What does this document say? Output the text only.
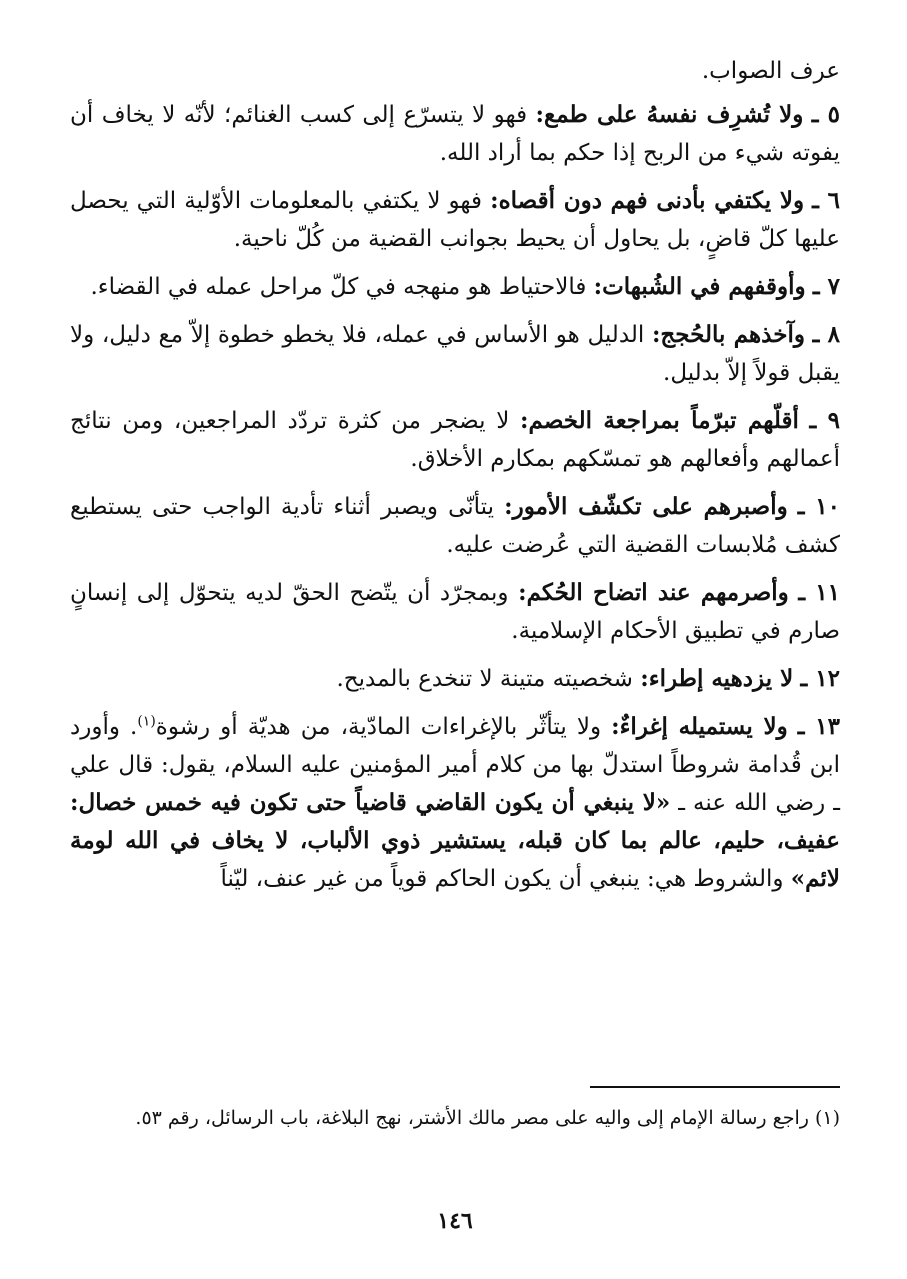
عرف الصواب.

٥ ـ ولا تُشرِف نفسهُ على طمع: فهو لا يتسرّع إلى كسب الغنائم؛ لأنّه لا يخاف أن يفوته شيء من الربح إذا حكم بما أراد الله.

٦ ـ ولا يكتفي بأدنى فهم دون أقصاه: فهو لا يكتفي بالمعلومات الأوّلية التي يحصل عليها كلّ قاضٍ، بل يحاول أن يحيط بجوانب القضية من كُلّ ناحية.

٧ ـ وأوقفهم في الشُبهات: فالاحتياط هو منهجه في كلّ مراحل عمله في القضاء.

٨ ـ وآخذهم بالحُجج: الدليل هو الأساس في عمله، فلا يخطو خطوة إلاّ مع دليل، ولا يقبل قولاً إلاّ بدليل.

٩ ـ أقلّهم تبرّماً بمراجعة الخصم: لا يضجر من كثرة تردّد المراجعين، ومن نتائج أعمالهم وأفعالهم هو تمسّكهم بمكارم الأخلاق.

١٠ ـ وأصبرهم على تكشّف الأمور: يتأنّى ويصبر أثناء تأدية الواجب حتى يستطيع كشف مُلابسات القضية التي عُرضت عليه.

١١ ـ وأصرمهم عند اتضاح الحُكم: وبمجرّد أن يتّضح الحقّ لديه يتحوّل إلى إنسانٍ صارم في تطبيق الأحكام الإسلامية.

١٢ ـ لا يزدهيه إطراء: شخصيته متينة لا تنخدع بالمديح.

١٣ ـ ولا يستميله إغراءٌ: ولا يتأثّر بالإغراءات المادّية، من هديّة أو رشوة$^{(١)}$. وأورد ابن قُدامة شروطاً استدلّ بها من كلام أمير المؤمنين عليه السلام، يقول: قال علي ـ رضي الله عنه ـ «لا ينبغي أن يكون القاضي قاضياً حتى تكون فيه خمس خصال: عفيف، حليم، عالم بما كان قبله، يستشير ذوي الألباب، لا يخاف في الله لومة لائم» والشروط هي: ينبغي أن يكون الحاكم قوياً من غير عنف، ليّناً

(١) راجع رسالة الإمام إلى واليه على مصر مالك الأشتر، نهج البلاغة، باب الرسائل، رقم ٥٣.

١٤٦
